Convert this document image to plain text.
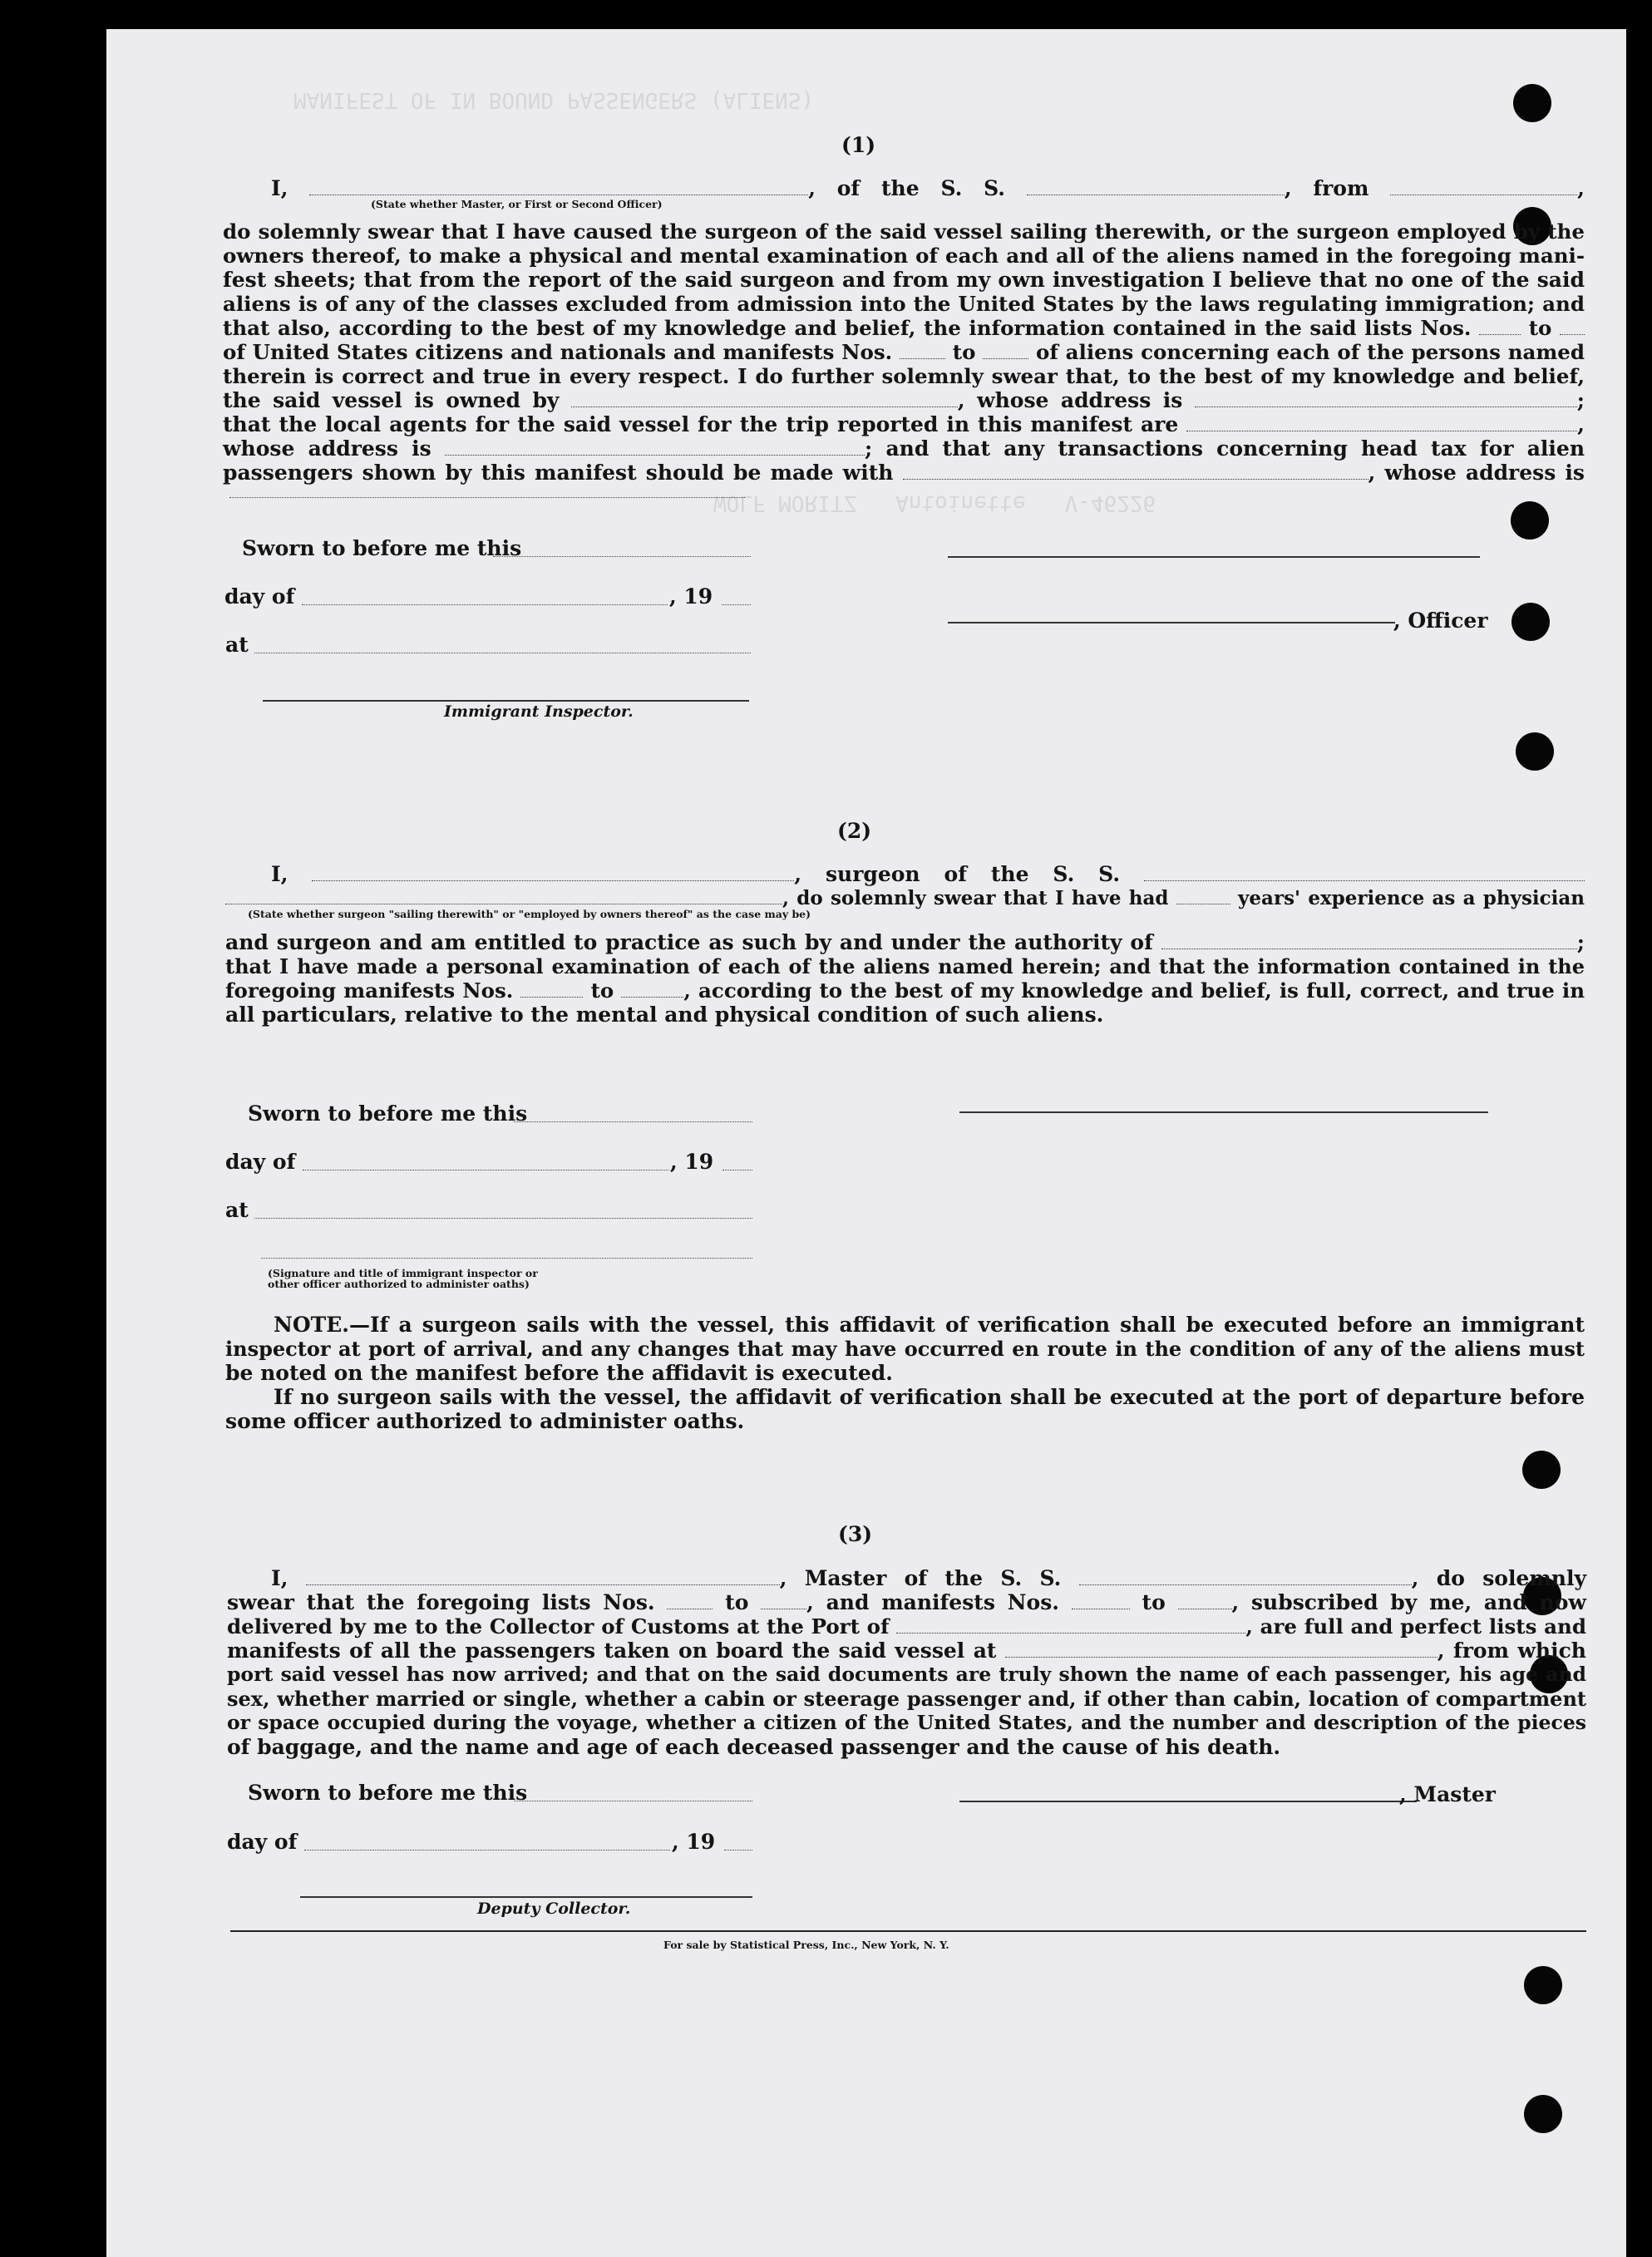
MANIFEST OF IN BOUND PASSENGERS (ALIENS)
WOLF MORITZ   Antoinette   V-46226
(1)
I,	, of the S. S.	, from	,
(State whether Master, or First or Second Officer)
do solemnly swear that I have caused the surgeon of the said vessel sailing therewith, or the surgeon employed by the
owners thereof, to make a physical and mental examination of each and all of the aliens named in the foregoing mani-
fest sheets; that from the report of the said surgeon and from my own investigation I believe that no one of the said
aliens is of any of the classes excluded from admission into the United States by the laws regulating immigration; and
that also, according to the best of my knowledge and belief, the information contained in the said lists Nos.	to
of United States citizens and nationals and manifests Nos.	to	of aliens concerning each of the persons named
therein is correct and true in every respect. I do further solemnly swear that, to the best of my knowledge and belief,
the said vessel is owned by	, whose address is	;
that the local agents for the said vessel for the trip reported in this manifest are	,
whose address is	; and that any transactions concerning head tax for alien
passengers shown by this manifest should be made with	, whose address is
Sworn to before me this
day of	, 19
at
, Officer
Immigrant Inspector.
(2)
I,	, surgeon of the S. S.
, do solemnly swear that I have had	years' experience as a physician
(State whether surgeon "sailing therewith" or "employed by owners thereof" as the case may be)
and surgeon and am entitled to practice as such by and under the authority of	;
that I have made a personal examination of each of the aliens named herein; and that the information contained in the
foregoing manifests Nos.	to	, according to the best of my knowledge and belief, is full, correct, and true in
all particulars, relative to the mental and physical condition of such aliens.
Sworn to before me this
day of	, 19
at
(Signature and title of immigrant inspector or
other officer authorized to administer oaths)
NOTE.—If a surgeon sails with the vessel, this affidavit of verification shall be executed before an immigrant
inspector at port of arrival, and any changes that may have occurred en route in the condition of any of the aliens must
be noted on the manifest before the affidavit is executed.
If no surgeon sails with the vessel, the affidavit of verification shall be executed at the port of departure before
some officer authorized to administer oaths.
(3)
I,	, Master of the S. S.	, do solemnly
swear that the foregoing lists Nos.	to	, and manifests Nos.	to	, subscribed by me, and now
delivered by me to the Collector of Customs at the Port of	, are full and perfect lists and
manifests of all the passengers taken on board the said vessel at	, from which
port said vessel has now arrived; and that on the said documents are truly shown the name of each passenger, his age and
sex, whether married or single, whether a cabin or steerage passenger and, if other than cabin, location of compartment
or space occupied during the voyage, whether a citizen of the United States, and the number and description of the pieces
of baggage, and the name and age of each deceased passenger and the cause of his death.
Sworn to before me this	, Master
day of	, 19
Deputy Collector.
For sale by Statistical Press, Inc., New York, N. Y.
